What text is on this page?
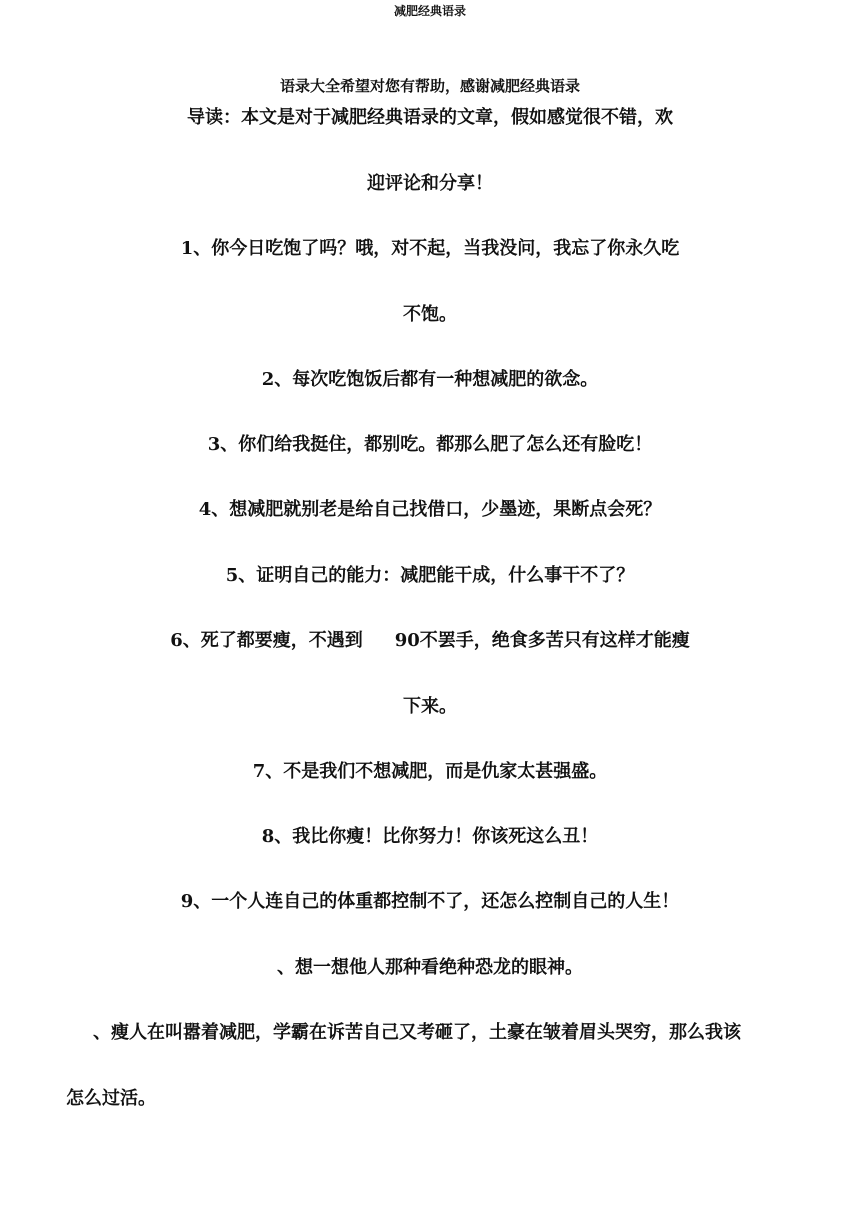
减肥经典语录
语录大全希望对您有帮助，感谢减肥经典语录
导读：本文是对于减肥经典语录的文章，假如感觉很不错，欢
迎评论和分享！
1、你今日吃饱了吗？哦，对不起，当我没问，我忘了你永久吃
不饱。
2、每次吃饱饭后都有一种想减肥的欲念。
3、你们给我挺住，都别吃。都那么肥了怎么还有脸吃！
4、想减肥就别老是给自己找借口，少墨迹，果断点会死？
5、证明自己的能力：减肥能干成，什么事干不了？
6、死了都要瘦，不遇到 90不罢手，绝食多苦只有这样才能瘦
下来。
7、不是我们不想减肥，而是仇家太甚强盛。
8、我比你瘦！比你努力！你该死这么丑！
9、一个人连自己的体重都控制不了，还怎么控制自己的人生！
、想一想他人那种看绝种恐龙的眼神。
、瘦人在叫嚣着减肥，学霸在诉苦自己又考砸了，土豪在皱着眉头哭穷，那么我该
怎么过活。
